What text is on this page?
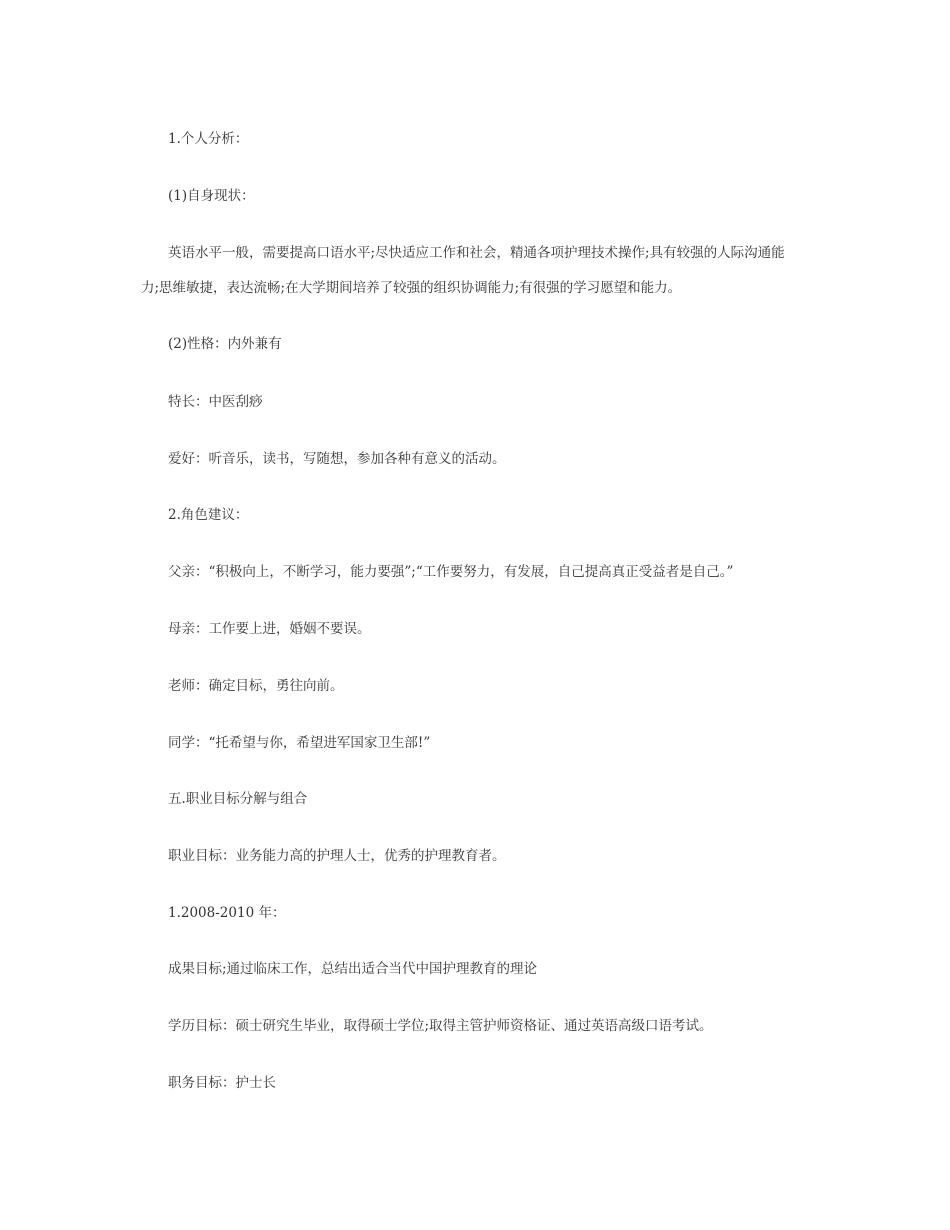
1.个人分析：

(1)自身现状：

英语水平一般，需要提高口语水平;尽快适应工作和社会，精通各项护理技术操作;具有较强的人际沟通能

力;思维敏捷，表达流畅;在大学期间培养了较强的组织协调能力;有很强的学习愿望和能力。

(2)性格：内外兼有

特长：中医刮痧

爱好：听音乐，读书，写随想，参加各种有意义的活动。

2.角色建议：

父亲：“积极向上，不断学习，能力要强”;“工作要努力，有发展，自己提高真正受益者是自己。”

母亲：工作要上进，婚姻不要误。

老师：确定目标，勇往向前。

同学：“托希望与你，希望进军国家卫生部!”

五.职业目标分解与组合

职业目标：业务能力高的护理人士，优秀的护理教育者。

1.2008-2010 年：

成果目标;通过临床工作，总结出适合当代中国护理教育的理论

学历目标：硕士研究生毕业，取得硕士学位;取得主管护师资格证、通过英语高级口语考试。

职务目标：护士长
